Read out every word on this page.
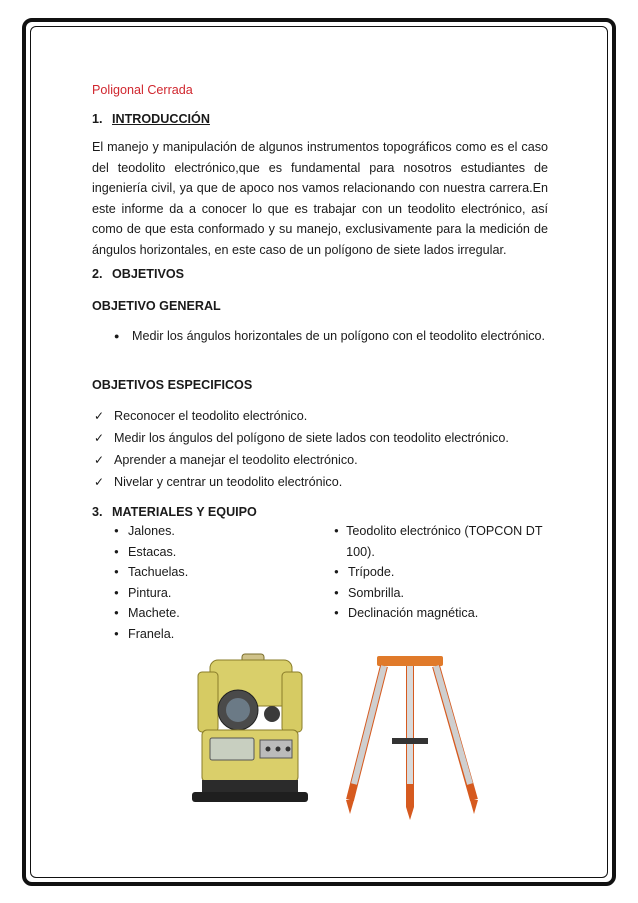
Poligonal Cerrada
1. INTRODUCCIÓN
El manejo y manipulación de algunos instrumentos topográficos como es el caso del teodolito electrónico,que es fundamental para nosotros estudiantes de ingeniería civil, ya que de apoco nos vamos relacionando con nuestra carrera.En este informe da a conocer lo que es trabajar con un teodolito electrónico, así como de que esta conformado y su manejo, exclusivamente para la medición de ángulos horizontales, en este caso de un polígono de siete lados irregular.
2. OBJETIVOS
OBJETIVO GENERAL
● Medir los ángulos horizontales de un polígono con el teodolito electrónico.
OBJETIVOS ESPECIFICOS
✓ Reconocer el teodolito electrónico.
✓ Medir los ángulos del polígono de siete lados con teodolito electrónico.
✓ Aprender a manejar el teodolito electrónico.
✓ Nivelar y centrar un teodolito electrónico.
3. MATERIALES Y EQUIPO
● Jalones.
● Estacas.
● Tachuelas.
● Pintura.
● Machete.
● Franela.
● Teodolito electrónico (TOPCON DT 100).
● Trípode.
● Sombrilla.
● Declinación magnética.
